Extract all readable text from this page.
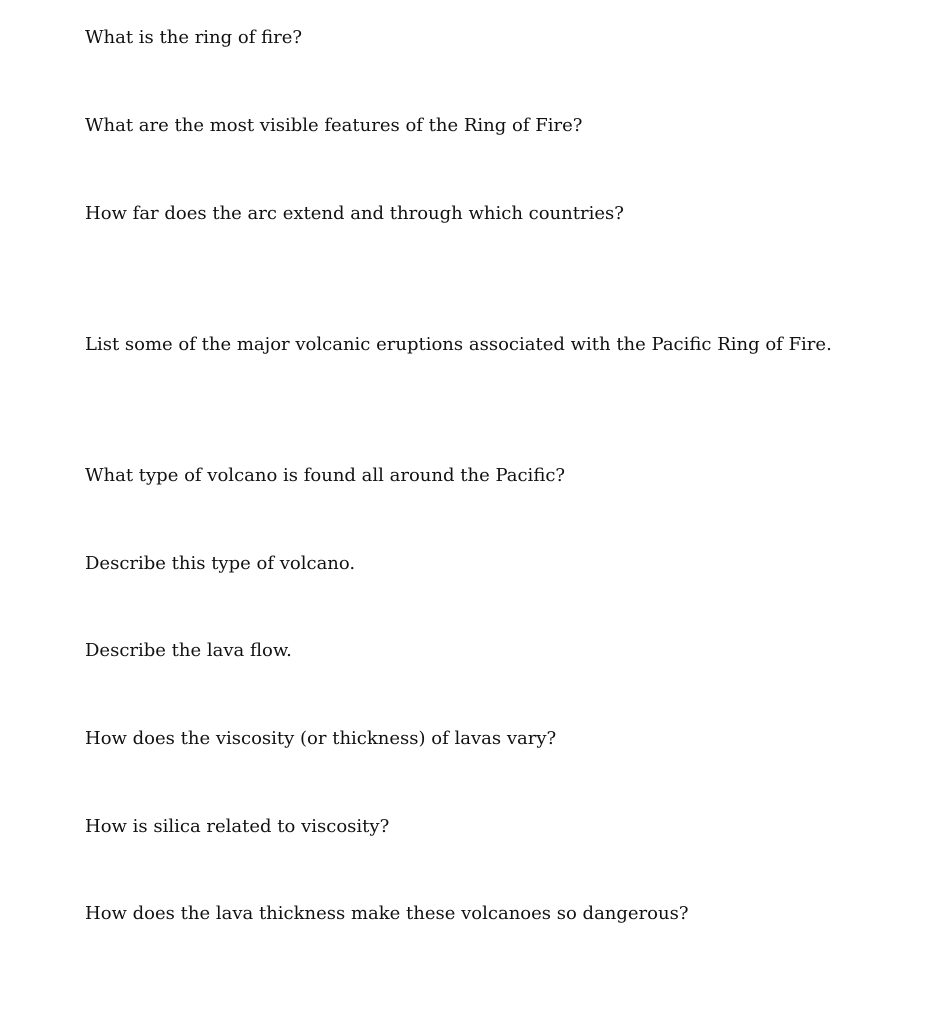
What is the ring of fire?

What are the most visible features of the Ring of Fire?

How far does the arc extend and through which countries?

List some of the major volcanic eruptions associated with the Pacific Ring of Fire.

What type of volcano is found all around the Pacific?

Describe this type of volcano.

Describe the lava flow.

How does the viscosity (or thickness) of lavas vary?

How is silica related to viscosity?

How does the lava thickness make these volcanoes so dangerous?
